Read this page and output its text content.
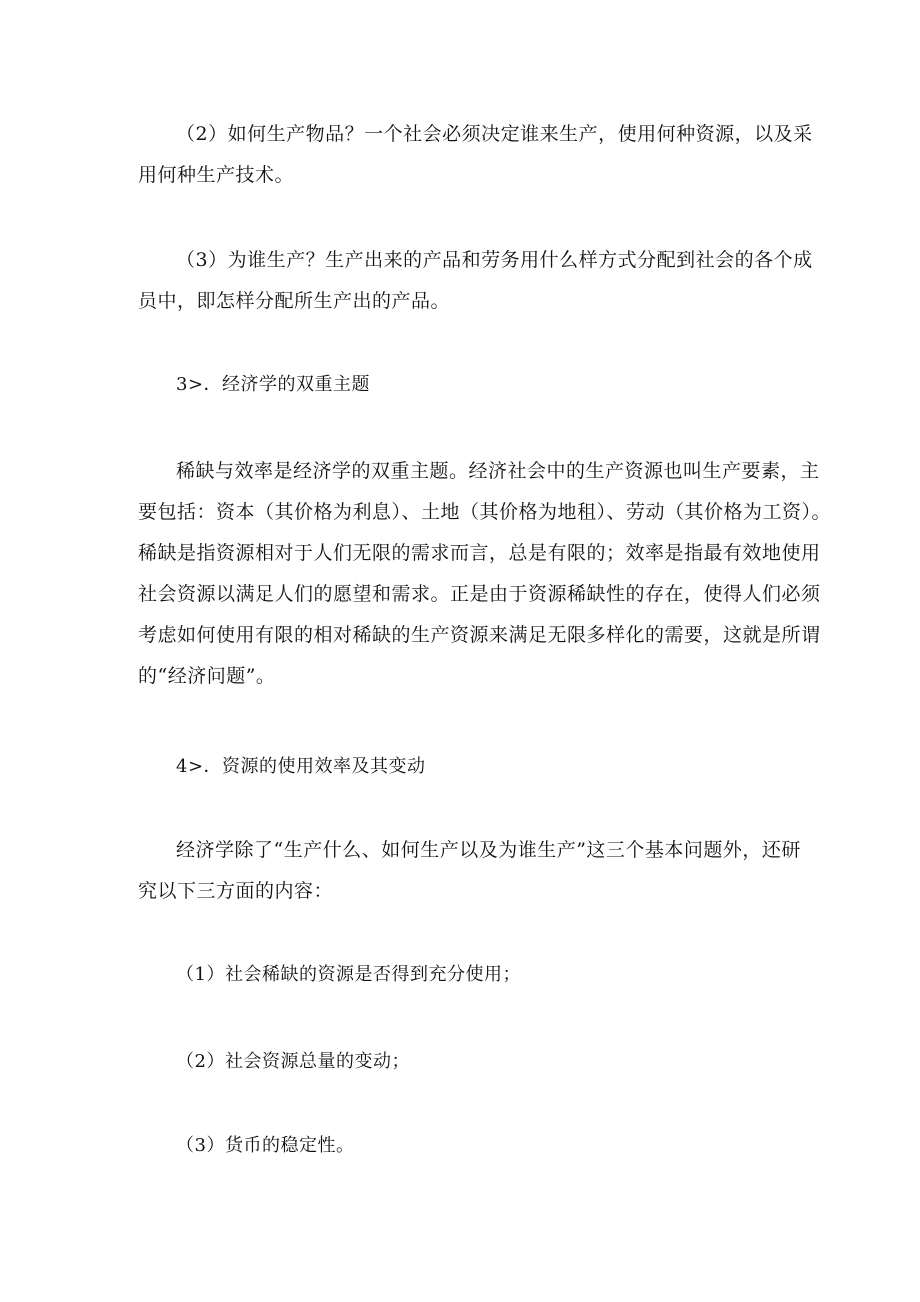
（2）如何生产物品？一个社会必须决定谁来生产，使用何种资源，以及采
用何种生产技术。

（3）为谁生产？生产出来的产品和劳务用什么样方式分配到社会的各个成
员中，即怎样分配所生产出的产品。

3>．经济学的双重主题

稀缺与效率是经济学的双重主题。经济社会中的生产资源也叫生产要素，主
要包括：资本（其价格为利息）、土地（其价格为地租）、劳动（其价格为工资）。
稀缺是指资源相对于人们无限的需求而言，总是有限的；效率是指最有效地使用
社会资源以满足人们的愿望和需求。正是由于资源稀缺性的存在，使得人们必须
考虑如何使用有限的相对稀缺的生产资源来满足无限多样化的需要，这就是所谓
的“经济问题”。

4>．资源的使用效率及其变动

经济学除了“生产什么、如何生产以及为谁生产”这三个基本问题外，还研
究以下三方面的内容：

（1）社会稀缺的资源是否得到充分使用；

（2）社会资源总量的变动；

（3）货币的稳定性。
